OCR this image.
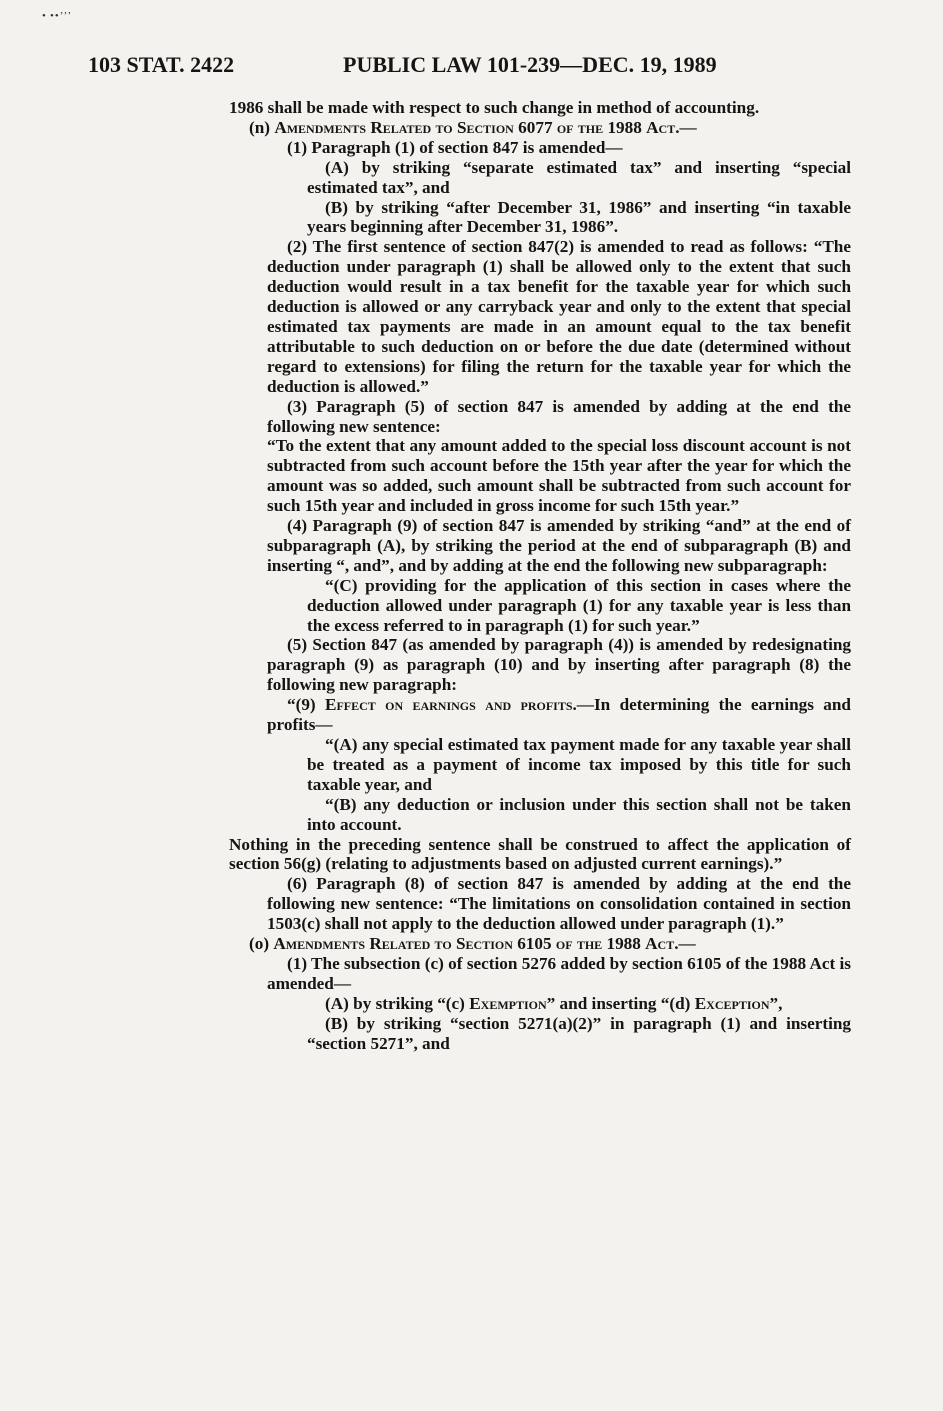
• ••’’’
103 STAT. 2422	PUBLIC LAW 101-239—DEC. 19, 1989

1986 shall be made with respect to such change in method of accounting.

(n) Amendments Related to Section 6077 of the 1988 Act.—

(1) Paragraph (1) of section 847 is amended—

(A) by striking “separate estimated tax” and inserting “special estimated tax”, and

(B) by striking “after December 31, 1986” and inserting “in taxable years beginning after December 31, 1986”.

(2) The first sentence of section 847(2) is amended to read as follows: “The deduction under paragraph (1) shall be allowed only to the extent that such deduction would result in a tax benefit for the taxable year for which such deduction is allowed or any carryback year and only to the extent that special estimated tax payments are made in an amount equal to the tax benefit attributable to such deduction on or before the due date (determined without regard to extensions) for filing the return for the taxable year for which the deduction is allowed.”

(3) Paragraph (5) of section 847 is amended by adding at the end the following new sentence:

“To the extent that any amount added to the special loss discount account is not subtracted from such account before the 15th year after the year for which the amount was so added, such amount shall be subtracted from such account for such 15th year and included in gross income for such 15th year.”

(4) Paragraph (9) of section 847 is amended by striking “and” at the end of subparagraph (A), by striking the period at the end of subparagraph (B) and inserting “, and”, and by adding at the end the following new subparagraph:

“(C) providing for the application of this section in cases where the deduction allowed under paragraph (1) for any taxable year is less than the excess referred to in paragraph (1) for such year.”

(5) Section 847 (as amended by paragraph (4)) is amended by redesignating paragraph (9) as paragraph (10) and by inserting after paragraph (8) the following new paragraph:

“(9) Effect on earnings and profits.—In determining the earnings and profits—

“(A) any special estimated tax payment made for any taxable year shall be treated as a payment of income tax imposed by this title for such taxable year, and

“(B) any deduction or inclusion under this section shall not be taken into account.

Nothing in the preceding sentence shall be construed to affect the application of section 56(g) (relating to adjustments based on adjusted current earnings).”

(6) Paragraph (8) of section 847 is amended by adding at the end the following new sentence: “The limitations on consolidation contained in section 1503(c) shall not apply to the deduction allowed under paragraph (1).”

(o) Amendments Related to Section 6105 of the 1988 Act.—

(1) The subsection (c) of section 5276 added by section 6105 of the 1988 Act is amended—

(A) by striking “(c) Exemption” and inserting “(d) Exception”,

(B) by striking “section 5271(a)(2)” in paragraph (1) and inserting “section 5271”, and
